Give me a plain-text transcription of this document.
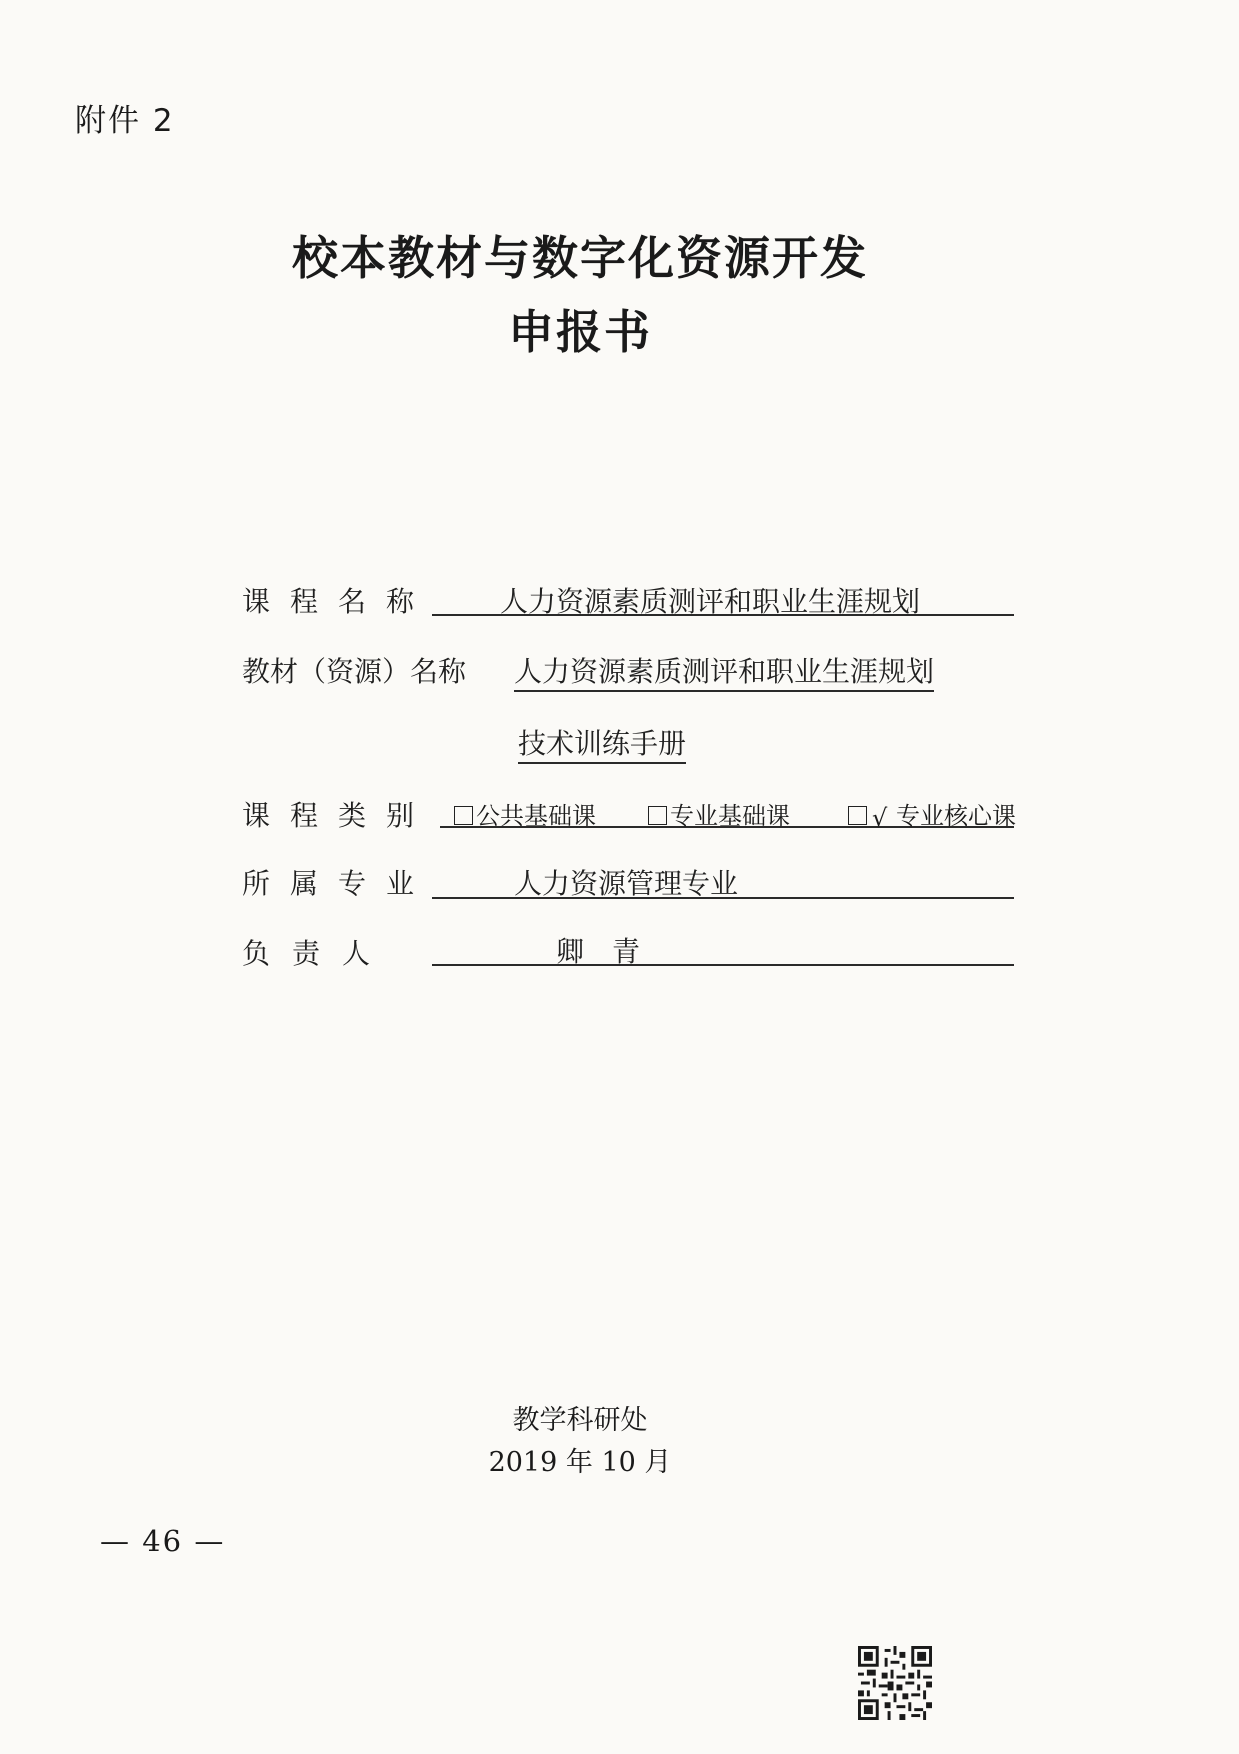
附件 2
校本教材与数字化资源开发
申报书
课程名称 人力资源素质测评和职业生涯规划
教材（资源）名称 人力资源素质测评和职业生涯规划
技术训练手册
课程类别	公共基础课	专业基础课	√ 专业核心课
所属专业	人力资源管理专业
负责人	卿　青
教学科研处
2019 年 10 月
— 46 —
